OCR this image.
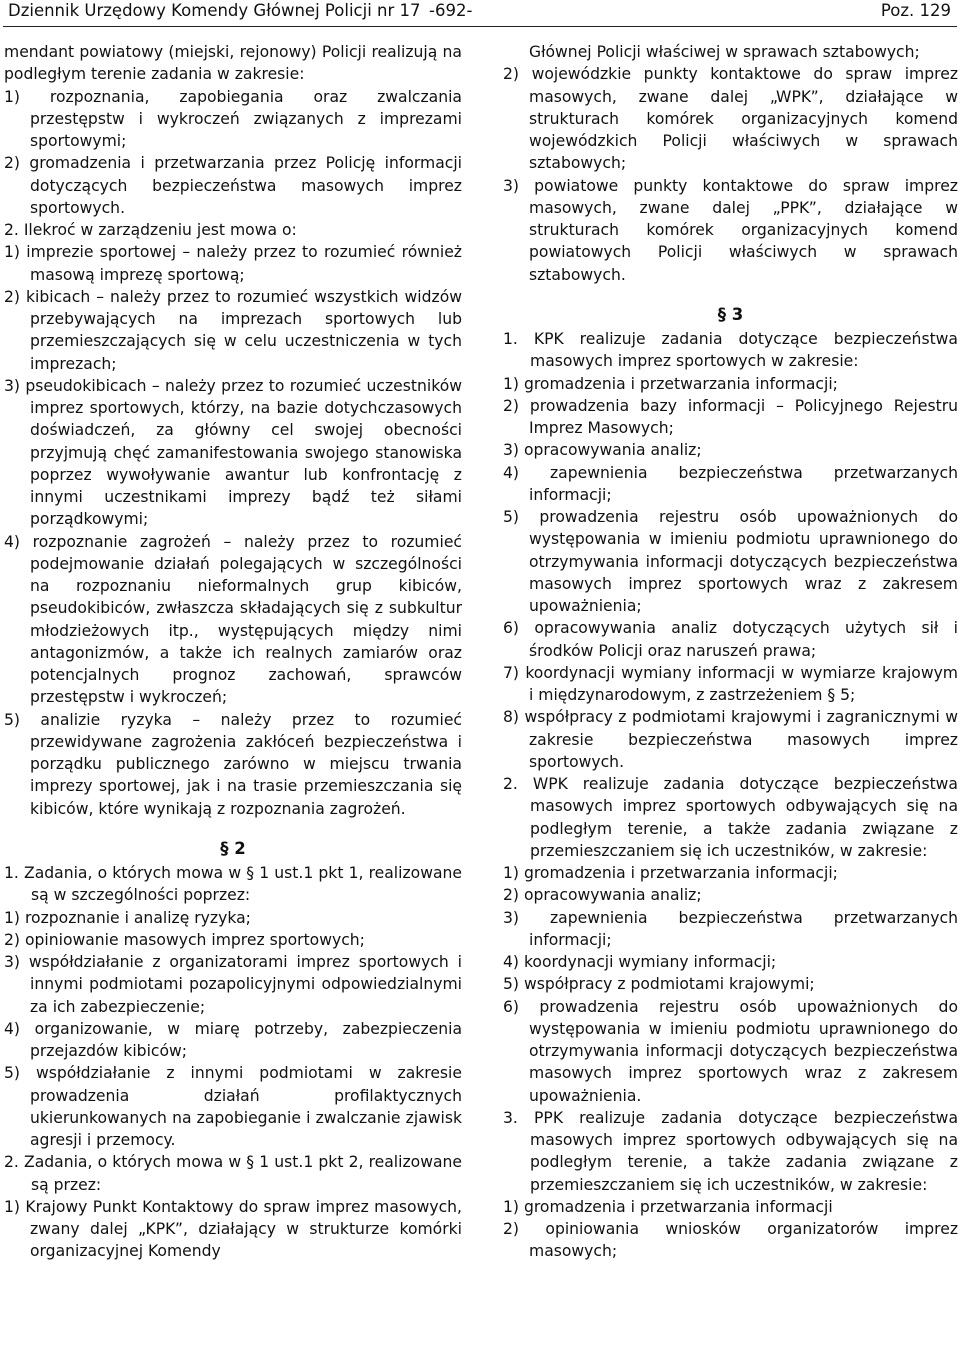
Dziennik Urzędowy Komendy Głównej Policji nr 17 -692-	Poz. 129

mendant powiatowy (miejski, rejonowy) Policji realizują na podległym terenie zadania w zakresie:

1) rozpoznania, zapobiegania oraz zwalczania przestępstw i wykroczeń związanych z imprezami sportowymi;

2) gromadzenia i przetwarzania przez Policję informacji dotyczących bezpieczeństwa masowych imprez sportowych.

2. Ilekroć w zarządzeniu jest mowa o:

1) imprezie sportowej – należy przez to rozumieć również masową imprezę sportową;

2) kibicach – należy przez to rozumieć wszystkich widzów przebywających na imprezach sportowych lub przemieszczających się w celu uczestniczenia w tych imprezach;

3) pseudokibicach – należy przez to rozumieć uczestników imprez sportowych, którzy, na bazie dotychczasowych doświadczeń, za główny cel swojej obecności przyjmują chęć zamanifestowania swojego stanowiska poprzez wywoływanie awantur lub konfrontację z innymi uczestnikami imprezy bądź też siłami porządkowymi;

4) rozpoznanie zagrożeń – należy przez to rozumieć podejmowanie działań polegających w szczególności na rozpoznaniu nieformalnych grup kibiców, pseudokibiców, zwłaszcza składających się z subkultur młodzieżowych itp., występujących między nimi antagonizmów, a także ich realnych zamiarów oraz potencjalnych prognoz zachowań, sprawców przestępstw i wykroczeń;

5) analizie ryzyka – należy przez to rozumieć przewidywane zagrożenia zakłóceń bezpieczeństwa i porządku publicznego zarówno w miejscu trwania imprezy sportowej, jak i na trasie przemieszczania się kibiców, które wynikają z rozpoznania zagrożeń.

§ 2

1. Zadania, o których mowa w § 1 ust.1 pkt 1, realizowane są w szczególności poprzez:

1) rozpoznanie i analizę ryzyka;

2) opiniowanie masowych imprez sportowych;

3) współdziałanie z organizatorami imprez sportowych i innymi podmiotami pozapolicyjnymi odpowiedzialnymi za ich zabezpieczenie;

4) organizowanie, w miarę potrzeby, zabezpieczenia przejazdów kibiców;

5) współdziałanie z innymi podmiotami w zakresie prowadzenia działań profilaktycznych ukierunkowanych na zapobieganie i zwalczanie zjawisk agresji i przemocy.

2. Zadania, o których mowa w § 1 ust.1 pkt 2, realizowane są przez:

1) Krajowy Punkt Kontaktowy do spraw imprez masowych, zwany dalej „KPK”, działający w strukturze komórki organizacyjnej Komendy

Głównej Policji właściwej w sprawach sztabowych;

2) wojewódzkie punkty kontaktowe do spraw imprez masowych, zwane dalej „WPK”, działające w strukturach komórek organizacyjnych komend wojewódzkich Policji właściwych w sprawach sztabowych;

3) powiatowe punkty kontaktowe do spraw imprez masowych, zwane dalej „PPK”, działające w strukturach komórek organizacyjnych komend powiatowych Policji właściwych w sprawach sztabowych.

§ 3

1. KPK realizuje zadania dotyczące bezpieczeństwa masowych imprez sportowych w zakresie:

1) gromadzenia i przetwarzania informacji;

2) prowadzenia bazy informacji – Policyjnego Rejestru Imprez Masowych;

3) opracowywania analiz;

4) zapewnienia bezpieczeństwa przetwarzanych informacji;

5) prowadzenia rejestru osób upoważnionych do występowania w imieniu podmiotu uprawnionego do otrzymywania informacji dotyczących bezpieczeństwa masowych imprez sportowych wraz z zakresem upoważnienia;

6) opracowywania analiz dotyczących użytych sił i środków Policji oraz naruszeń prawa;

7) koordynacji wymiany informacji w wymiarze krajowym i międzynarodowym, z zastrzeżeniem § 5;

8) współpracy z podmiotami krajowymi i zagranicznymi w zakresie bezpieczeństwa masowych imprez sportowych.

2. WPK realizuje zadania dotyczące bezpieczeństwa masowych imprez sportowych odbywających się na podległym terenie, a także zadania związane z przemieszczaniem się ich uczestników, w zakresie:

1) gromadzenia i przetwarzania informacji;

2) opracowywania analiz;

3) zapewnienia bezpieczeństwa przetwarzanych informacji;

4) koordynacji wymiany informacji;

5) współpracy z podmiotami krajowymi;

6) prowadzenia rejestru osób upoważnionych do występowania w imieniu podmiotu uprawnionego do otrzymywania informacji dotyczących bezpieczeństwa masowych imprez sportowych wraz z zakresem upoważnienia.

3. PPK realizuje zadania dotyczące bezpieczeństwa masowych imprez sportowych odbywających się na podległym terenie, a także zadania związane z przemieszczaniem się ich uczestników, w zakresie:

1) gromadzenia i przetwarzania informacji

2) opiniowania wniosków organizatorów imprez masowych;
